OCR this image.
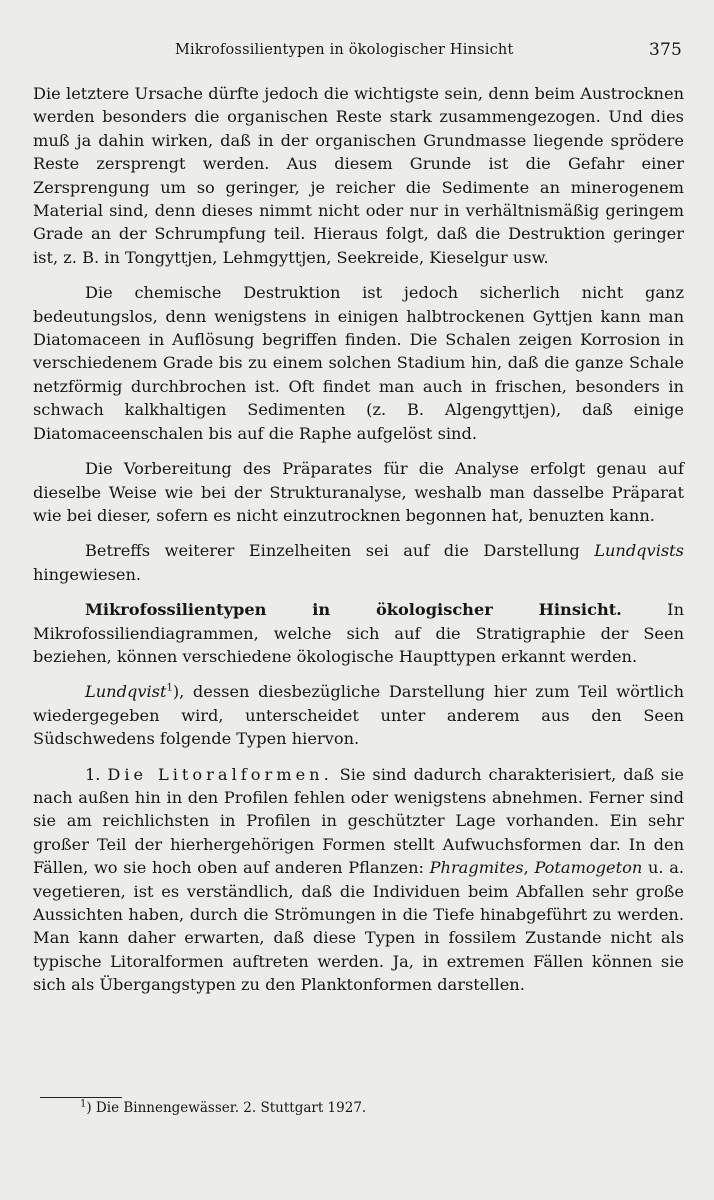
Mikrofossilientypen in ökologischer Hinsicht	375

Die letztere Ursache dürfte jedoch die wichtigste sein, denn beim Austrocknen werden besonders die organischen Reste stark zusammengezogen. Und dies muß ja dahin wirken, daß in der organischen Grundmasse liegende sprödere Reste zersprengt werden. Aus diesem Grunde ist die Gefahr einer Zersprengung um so geringer, je reicher die Sedimente an minerogenem Material sind, denn dieses nimmt nicht oder nur in verhältnismäßig geringem Grade an der Schrumpfung teil. Hieraus folgt, daß die Destruktion geringer ist, z. B. in Tongyttjen, Lehmgyttjen, Seekreide, Kieselgur usw.

Die chemische Destruktion ist jedoch sicherlich nicht ganz bedeutungslos, denn wenigstens in einigen halbtrockenen Gyttjen kann man Diatomaceen in Auflösung begriffen finden. Die Schalen zeigen Korrosion in verschiedenem Grade bis zu einem solchen Stadium hin, daß die ganze Schale netzförmig durchbrochen ist. Oft findet man auch in frischen, besonders in schwach kalkhaltigen Sedimenten (z. B. Algengyttjen), daß einige Diatomaceenschalen bis auf die Raphe aufgelöst sind.

Die Vorbereitung des Präparates für die Analyse erfolgt genau auf dieselbe Weise wie bei der Strukturanalyse, weshalb man dasselbe Präparat wie bei dieser, sofern es nicht einzutrocknen begonnen hat, benuzten kann.

Betreffs weiterer Einzelheiten sei auf die Darstellung Lundqvists hingewiesen.

Mikrofossilientypen in ökologischer Hinsicht. In Mikrofossiliendiagrammen, welche sich auf die Stratigraphie der Seen beziehen, können verschiedene ökologische Haupttypen erkannt werden.

Lundqvist$^1$), dessen diesbezügliche Darstellung hier zum Teil wörtlich wiedergegeben wird, unterscheidet unter anderem aus den Seen Südschwedens folgende Typen hiervon.

1. Die Litoralformen. Sie sind dadurch charakterisiert, daß sie nach außen hin in den Profilen fehlen oder wenigstens abnehmen. Ferner sind sie am reichlichsten in Profilen in geschützter Lage vorhanden. Ein sehr großer Teil der hierhergehörigen Formen stellt Aufwuchsformen dar. In den Fällen, wo sie hoch oben auf anderen Pflanzen: Phragmites, Potamogeton u. a. vegetieren, ist es verständlich, daß die Individuen beim Abfallen sehr große Aussichten haben, durch die Strömungen in die Tiefe hinabgeführt zu werden. Man kann daher erwarten, daß diese Typen in fossilem Zustande nicht als typische Litoralformen auftreten werden. Ja, in extremen Fällen können sie sich als Übergangstypen zu den Planktonformen darstellen.

$^1$) Die Binnengewässer. 2. Stuttgart 1927.
